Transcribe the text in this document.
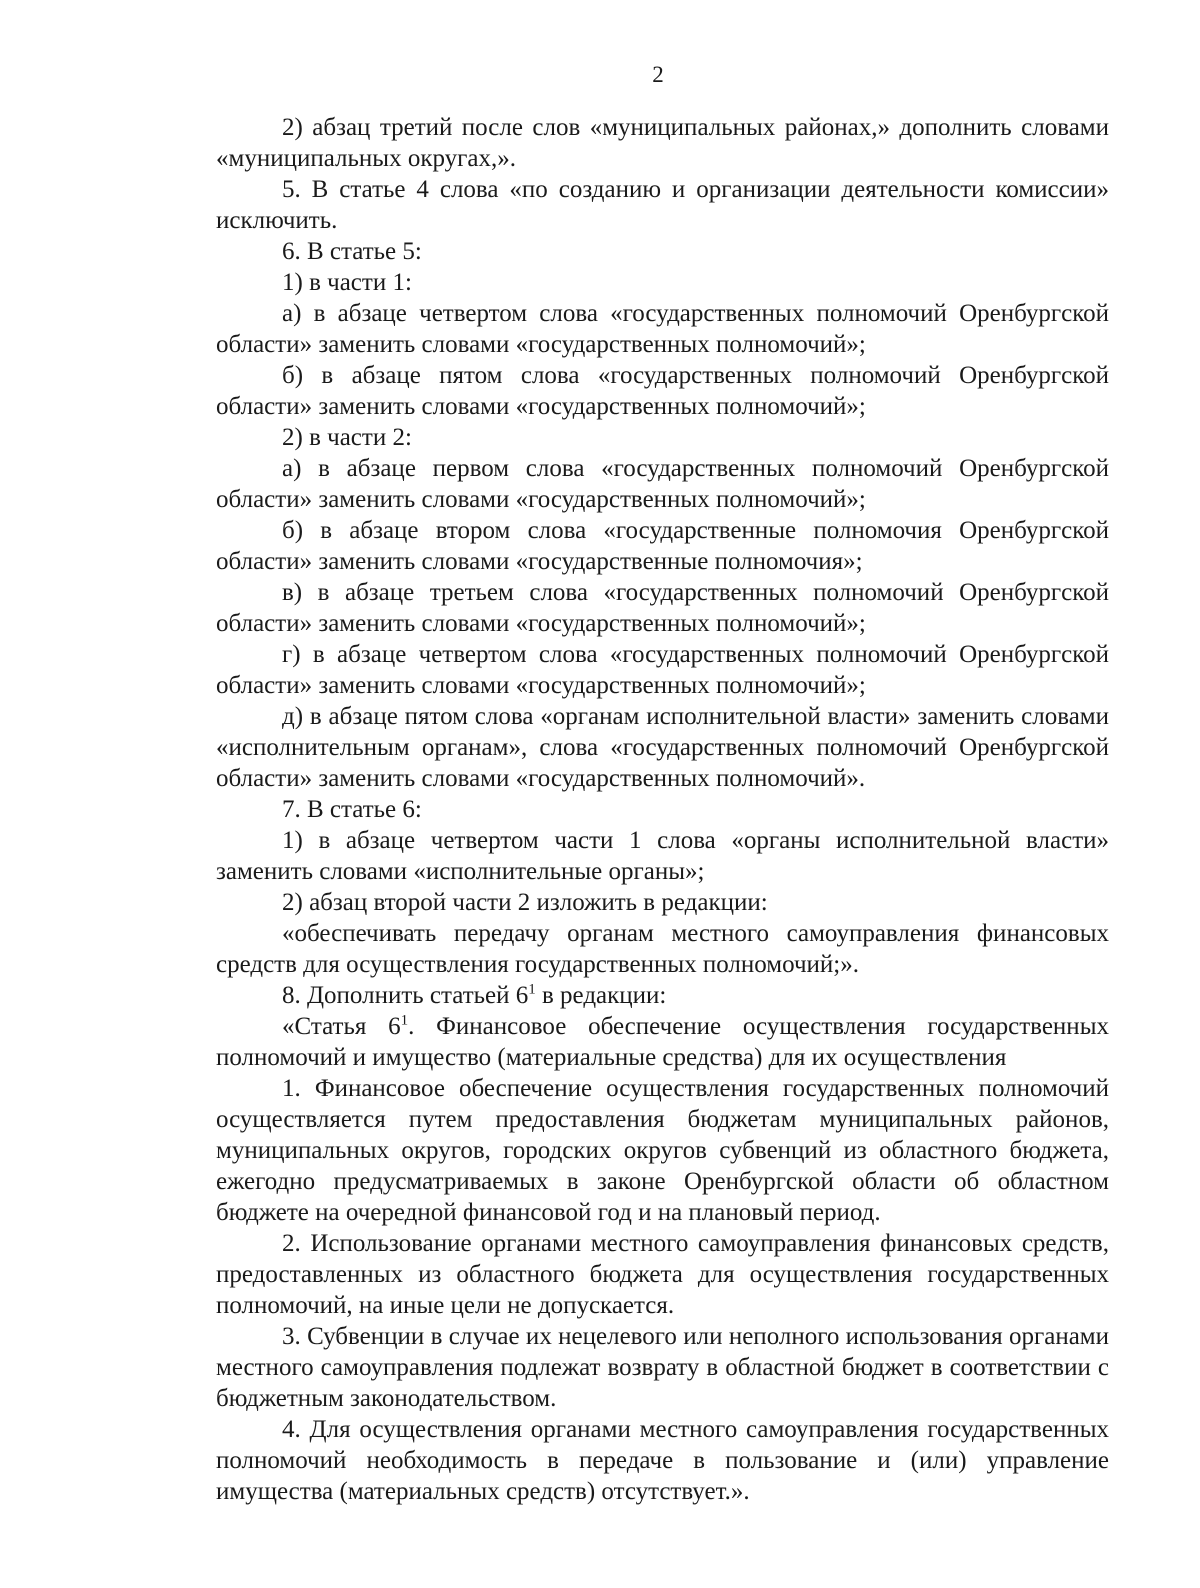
2

2) абзац третий после слов «муниципальных районах,» дополнить словами «муниципальных округах,».

5. В статье 4 слова «по созданию и организации деятельности комиссии» исключить.

6. В статье 5:

1) в части 1:

а) в абзаце четвертом слова «государственных полномочий Оренбургской области» заменить словами «государственных полномочий»;

б) в абзаце пятом слова «государственных полномочий Оренбургской области» заменить словами «государственных полномочий»;

2) в части 2:

а) в абзаце первом слова «государственных полномочий Оренбургской области» заменить словами «государственных полномочий»;

б) в абзаце втором слова «государственные полномочия Оренбургской области» заменить словами «государственные полномочия»;

в) в абзаце третьем слова «государственных полномочий Оренбургской области» заменить словами «государственных полномочий»;

г) в абзаце четвертом слова «государственных полномочий Оренбургской области» заменить словами «государственных полномочий»;

д) в абзаце пятом слова «органам исполнительной власти» заменить словами «исполнительным органам», слова «государственных полномочий Оренбургской области» заменить словами «государственных полномочий».

7. В статье 6:

1) в абзаце четвертом части 1 слова «органы исполнительной власти» заменить словами «исполнительные органы»;

2) абзац второй части 2 изложить в редакции:

«обеспечивать передачу органам местного самоуправления финансовых средств для осуществления государственных полномочий;».

8. Дополнить статьей $6^1$ в редакции:

«Статья $6^1$. Финансовое обеспечение осуществления государственных полномочий и имущество (материальные средства) для их осуществления

1. Финансовое обеспечение осуществления государственных полномочий осуществляется путем предоставления бюджетам муниципальных районов, муниципальных округов, городских округов субвенций из областного бюджета, ежегодно предусматриваемых в законе Оренбургской области об областном бюджете на очередной финансовой год и на плановый период.

2. Использование органами местного самоуправления финансовых средств, предоставленных из областного бюджета для осуществления государственных полномочий, на иные цели не допускается.

3. Субвенции в случае их нецелевого или неполного использования органами местного самоуправления подлежат возврату в областной бюджет в соответствии с бюджетным законодательством.

4. Для осуществления органами местного самоуправления государственных полномочий необходимость в передаче в пользование и (или) управление имущества (материальных средств) отсутствует.».
